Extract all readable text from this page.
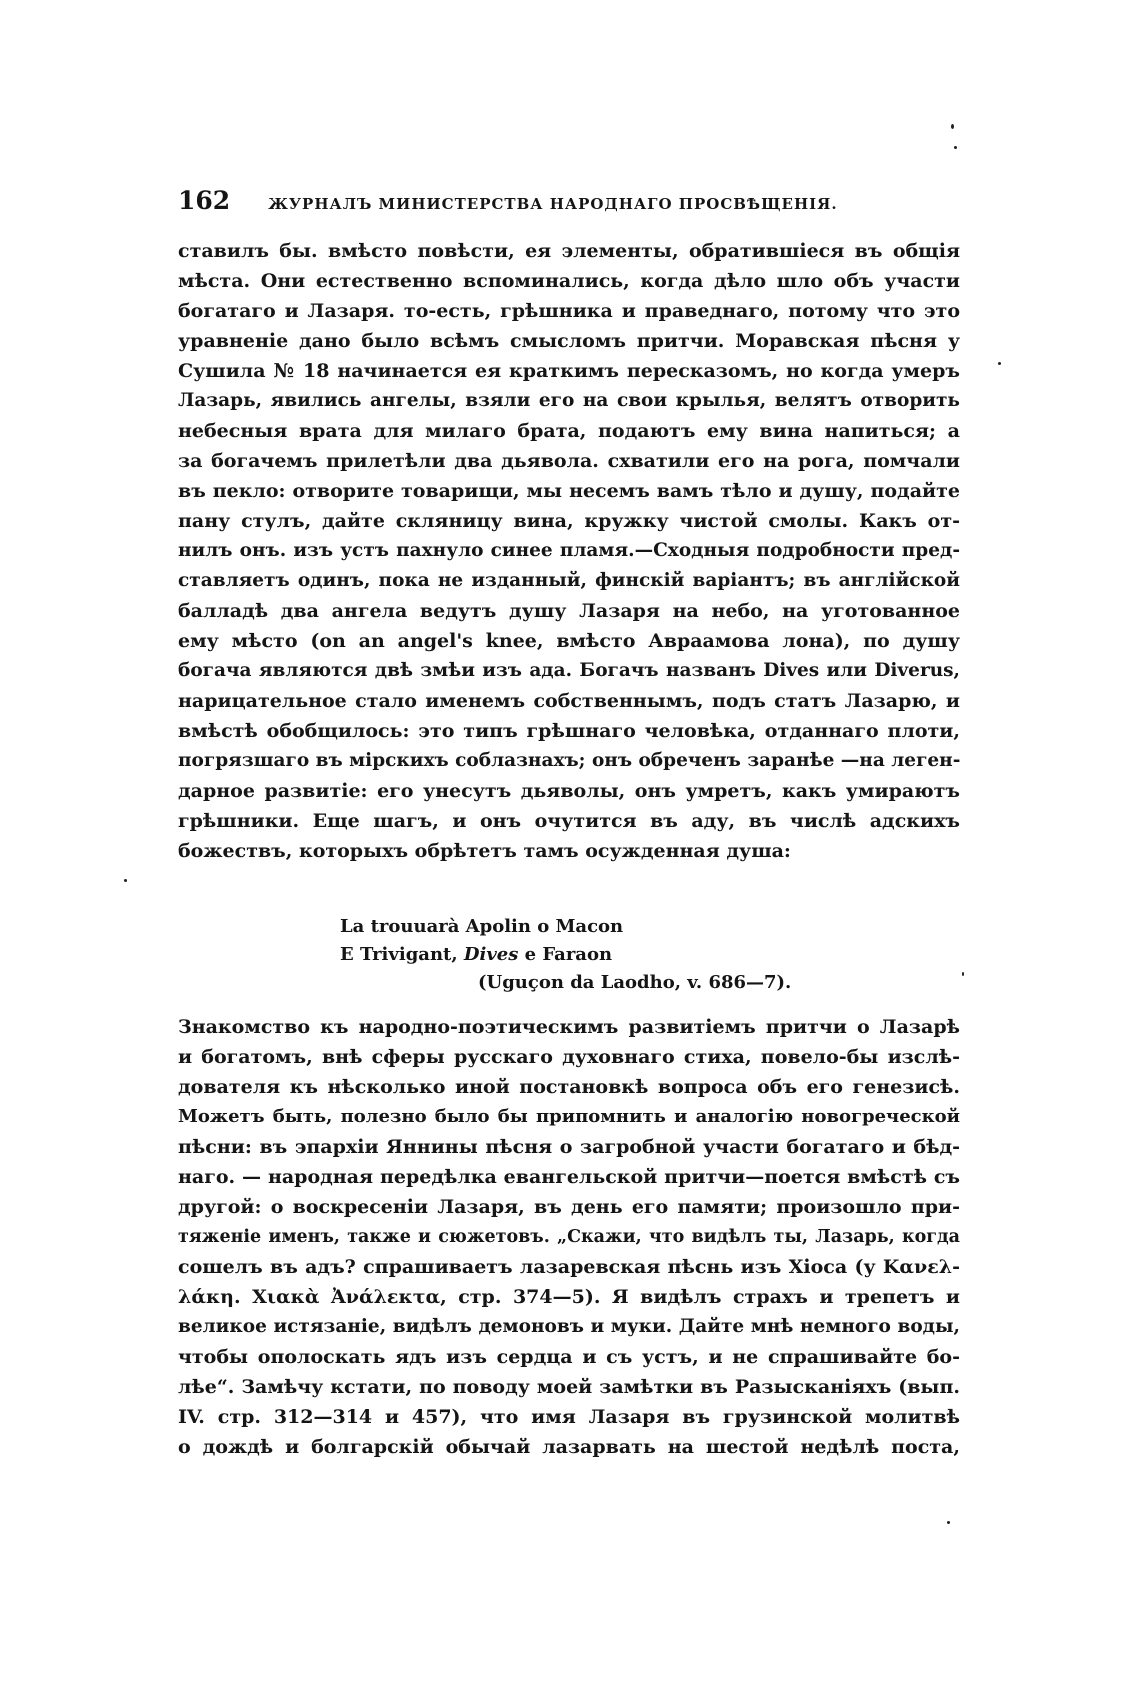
162	ЖУРНАЛЪ МИНИСТЕРСТВА НАРОДНАГО ПРОСВѢЩЕНІЯ.
ставилъ бы. вмѣсто повѣсти, ея элементы, обратившіеся въ общія
мѣста. Они естественно вспоминались, когда дѣло шло объ участи
богатаго и Лазаря. то-есть, грѣшника и праведнаго, потому что это
уравненіе дано было всѣмъ смысломъ притчи. Моравская пѣсня у
Сушила № 18 начинается ея краткимъ пересказомъ, но когда умеръ
Лазарь, явились ангелы, взяли его на свои крылья, велятъ отворить
небесныя врата для милаго брата, подаютъ ему вина напиться; а
за богачемъ прилетѣли два дьявола. схватили его на рога, помчали
въ пекло: отворите товарищи, мы несемъ вамъ тѣло и душу, подайте
пану стулъ, дайте скляницу вина, кружку чистой смолы. Какъ от-
нилъ онъ. изъ устъ пахнуло синее пламя.—Сходныя подробности пред-
ставляетъ одинъ, пока не изданный, финскій варіантъ; въ англійской
балладѣ два ангела ведутъ душу Лазаря на небо, на уготованное
ему мѣсто (on an angel's knee, вмѣсто Авраамова лона), по душу
богача являются двѣ змѣи изъ ада. Богачъ названъ Dives или Diverus,
нарицательное стало именемъ собственнымъ, подъ статъ Лазарю, и
вмѣстѣ обобщилось: это типъ грѣшнаго человѣка, отданнаго плоти,
погрязшаго въ мірскихъ соблазнахъ; онъ обреченъ заранѣе —на леген-
дарное развитіе: его унесутъ дьяволы, онъ умретъ, какъ умираютъ
грѣшники. Еще шагъ, и онъ очутится въ аду, въ числѣ адскихъ
божествъ, которыхъ обрѣтетъ тамъ осужденная душа:
La trouuarà Apolin o Macon
E Trivigant, Dives e Faraon
(Uguçon da Laodho, v. 686—7).
Знакомство къ народно-поэтическимъ развитіемъ притчи о Лазарѣ
и богатомъ, внѣ сферы русскаго духовнаго стиха, повело-бы изслѣ-
дователя къ нѣсколько иной постановкѣ вопроса объ его генезисѣ.
Можетъ быть, полезно было бы припомнить и аналогію новогреческой
пѣсни: въ эпархіи Яннины пѣсня о загробной участи богатаго и бѣд-
наго. — народная передѣлка евангельской притчи—поется вмѣстѣ съ
другой: о воскресеніи Лазаря, въ день его памяти; произошло при-
тяженіе именъ, также и сюжетовъ. „Скажи, что видѣлъ ты, Лазарь, когда
сошелъ въ адъ? спрашиваетъ лазаревская пѣснь изъ Хіоса (у Κανελ-
λάκη. Χιακὰ Ἀνάλεκτα, стр. 374—5). Я видѣлъ страхъ и трепетъ и
великое истязаніе, видѣлъ демоновъ и муки. Дайте мнѣ немного воды,
чтобы ополоскать ядъ изъ сердца и съ устъ, и не спрашивайте бо-
лѣе“. Замѣчу кстати, по поводу моей замѣтки въ Разысканіяхъ (вып.
IV. стр. 312—314 и 457), что имя Лазаря въ грузинской молитвѣ
о дождѣ и болгарскій обычай лазарвать на шестой недѣлѣ поста,
